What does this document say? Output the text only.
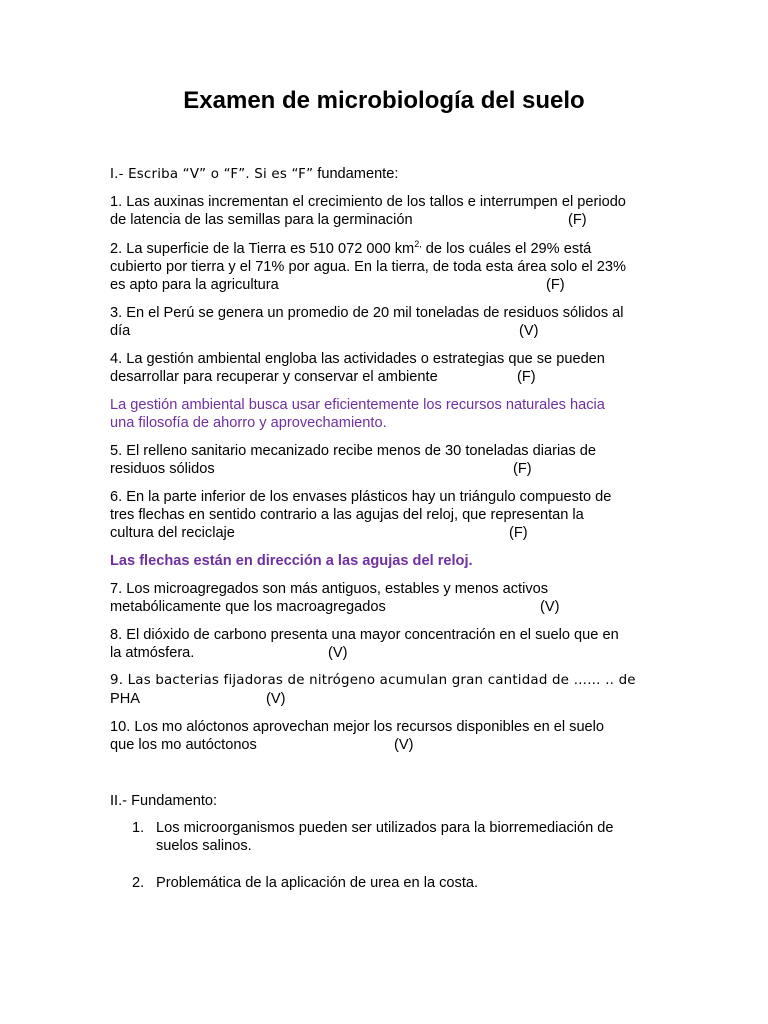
Examen de microbiología del suelo
I.- Escriba “V” o “F”. Si es “F” fundamente:
1. Las auxinas incrementan el crecimiento de los tallos e interrumpen el periodo
de latencia de las semillas para la germinación	(F)
2. La superficie de la Tierra es 510 072 000 $km^{2,}$ de los cuáles el 29% está
cubierto por tierra y el 71% por agua. En la tierra, de toda esta área solo el 23%
es apto para la agricultura	(F)
3. En el Perú se genera un promedio de 20 mil toneladas de residuos sólidos al
día	(V)
4. La gestión ambiental engloba las actividades o estrategias que se pueden
desarrollar para recuperar y conservar el ambiente	(F)
La gestión ambiental busca usar eficientemente los recursos naturales hacia
una filosofía de ahorro y aprovechamiento.
5. El relleno sanitario mecanizado recibe menos de 30 toneladas diarias de
residuos sólidos	(F)
6. En la parte inferior de los envases plásticos hay un triángulo compuesto de
tres flechas en sentido contrario a las agujas del reloj, que representan la
cultura del reciclaje	(F)
Las flechas están en dirección a las agujas del reloj.
7. Los microagregados son más antiguos, estables y menos activos
metabólicamente que los macroagregados	(V)
8. El dióxido de carbono presenta una mayor concentración en el suelo que en
la atmósfera.	(V)
9. Las bacterias fijadoras de nitrógeno acumulan gran cantidad de …… .. de
PHA	(V)
10. Los mo alóctonos aprovechan mejor los recursos disponibles en el suelo
que los mo autóctonos	(V)
II.- Fundamento:
1. Los microorganismos pueden ser utilizados para la biorremediación de
suelos salinos.
2. Problemática de la aplicación de urea en la costa.
